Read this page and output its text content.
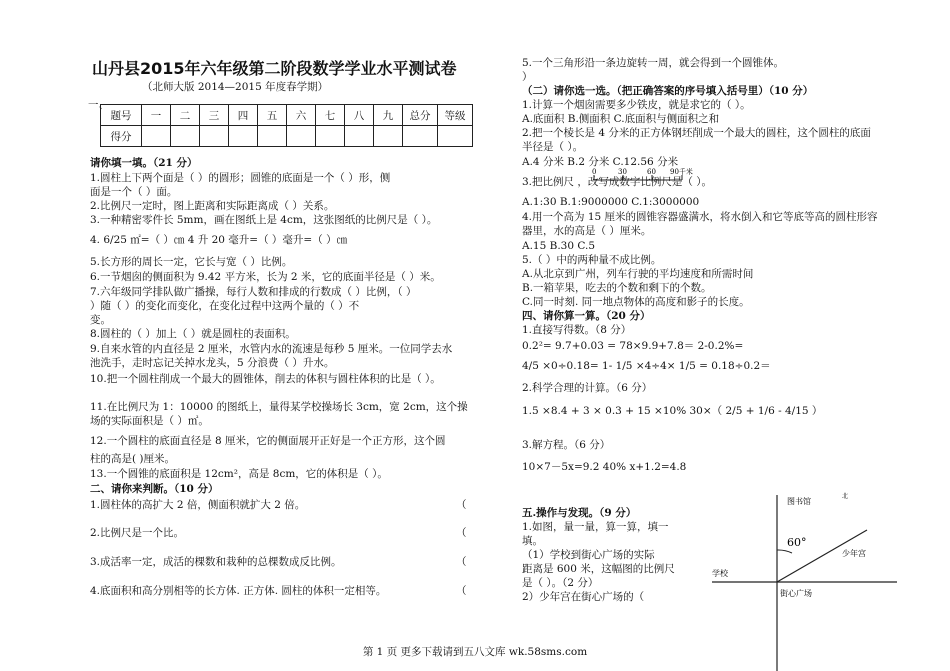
山丹县2015年六年级第二阶段数学学业水平测试卷
（北师大版 2014—2015 年度春学期）
一、
题号	一	二	三	四	五	六	七	八	九	总分	等级
得分											
请你填一填。（21 分）
1.圆柱上下两个面是（ ）的圆形；圆锥的底面是一个（ ）形，侧
面是一个（ ）面。
2.比例尺一定时，图上距离和实际距离成（ ）关系。
3.一种精密零件长 5mm，画在图纸上是 4cm，这张图纸的比例尺是（ ）。
4. 6/25 ㎡=（ ）㎝ 4 升 20 毫升=（ ）毫升=（ ）㎝
5.长方形的周长一定，它长与宽（ ）比例。
6.一节烟囱的侧面积为 9.42 平方米，长为 2 米，它的底面半径是（ ）米。
7.六年级同学排队做广播操，每行人数和排成的行数成（ ）比例，（ ）
）随（ ）的变化而变化，在变化过程中这两个量的（ ）不
变。
8.圆柱的（ ）加上（ ）就是圆柱的表面积。
9.自来水管的内直径是 2 厘米，水管内水的流速是每秒 5 厘米。一位同学去水
池洗手，走时忘记关掉水龙头，5 分浪费（ ）升水。
10.把一个圆柱削成一个最大的圆锥体，削去的体积与圆柱体积的比是（ ）。
11.在比例尺为 1：10000 的图纸上，量得某学校操场长 3cm，宽 2cm，这个操
场的实际面积是（ ）㎡。
12.一个圆柱的底面直径是 8 厘米，它的侧面展开正好是一个正方形，这个圆
柱的高是( )厘米。
13.一个圆锥的底面积是 12cm²，高是 8cm，它的体积是（ ）。
二、请你来判断。（10 分）
1.圆柱体的高扩大 2 倍，侧面积就扩大 2 倍。
2.比例尺是一个比。
3.成活率一定，成活的棵数和栽种的总棵数成反比例。
4.底面积和高分别相等的长方体. 正方体. 圆柱的体积一定相等。
（
（
（
（
5.一个三角形沿一条边旋转一周，就会得到一个圆锥体。
）
（二）请你选一选。（把正确答案的序号填入括号里）（10 分）
1.计算一个烟囱需要多少铁皮，就是求它的（ ）。
A.底面积 B.侧面积 C.底面积与侧面积之和
2.把一个棱长是 4 分米的正方体钢坯削成一个最大的圆柱，这个圆柱的底面
半径是（ ）。
A.4 分米 B.2 分米 C.12.56 分米
3.把比例尺 ，改写成数字比例尺是（ ）。
A.1:30 B.1:9000000 C.1:3000000
4.用一个高为 15 厘米的圆锥容器盛满水，将水倒入和它等底等高的圆柱形容
器里，水的高是（ ）厘米。
A.15 B.30 C.5
5.（ ）中的两种量不成比例。
A.从北京到广州，列车行驶的平均速度和所需时间
B.一箱苹果，吃去的个数和剩下的个数。
C.同一时刻. 同一地点物体的高度和影子的长度。
四、请你算一算。（20 分）
1.直接写得数。（8 分）
0.2²= 9.7+0.03 = 78×9.9+7.8＝ 2-0.2%=
4/5 ×0÷0.18= 1- 1/5 ×4÷4× 1/5 = 0.18÷0.2＝
2.科学合理的计算。（6 分）
1.5 ×8.4 + 3 × 0.3 + 15 ×10% 30×（ 2/5 + 1/6 - 4/15 ）
3.解方程。（6 分）
10×7－5x=9.2 40% x+1.2=4.8
五.操作与发现。（9 分）
1.如图，量一量，算一算，填一
填。
（1）学校到街心广场的实际
距离是 600 米，这幅图的比例尺
是（ ）。（2 分）
2）少年宫在街心广场的（
0	30	60 90千米
图书馆
北
60°
少年宫
学校
街心广场
第 1 页 更多下载请到五八文库 wk.58sms.com
